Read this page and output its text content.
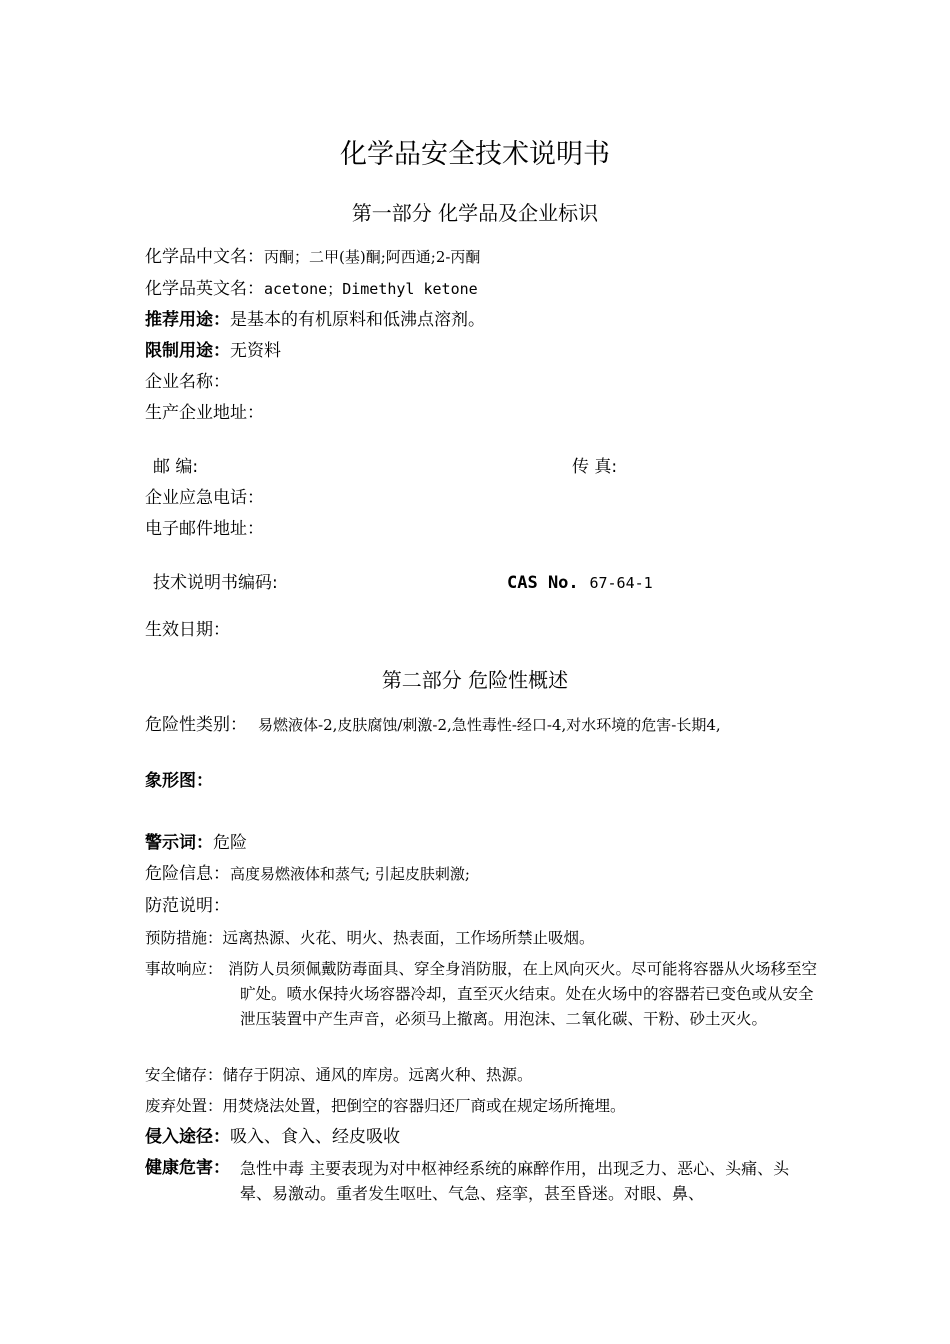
化学品安全技术说明书
第一部分 化学品及企业标识
化学品中文名：丙酮；二甲(基)酮;阿西通;2-丙酮
化学品英文名：acetone；Dimethyl ketone
推荐用途：是基本的有机原料和低沸点溶剂。
限制用途：无资料
企业名称：
生产企业地址：
邮 编:	传 真:
企业应急电话：
电子邮件地址：
技术说明书编码:	CAS No. 67-64-1
生效日期：
第二部分 危险性概述
危险性类别： 易燃液体-2,皮肤腐蚀/刺激-2,急性毒性-经口-4,对水环境的危害-长期4,
象形图：
警示词：危险
危险信息：高度易燃液体和蒸气; 引起皮肤刺激;
防范说明：
预防措施：远离热源、火花、明火、热表面，工作场所禁止吸烟。
事故响应： 消防人员须佩戴防毒面具、穿全身消防服，在上风向灭火。尽可能将容器从火场移至空旷处。喷水保持火场容器冷却，直至灭火结束。处在火场中的容器若已变色或从安全泄压装置中产生声音，必须马上撤离。用泡沫、二氧化碳、干粉、砂土灭火。
安全储存：储存于阴凉、通风的库房。远离火种、热源。
废弃处置：用焚烧法处置，把倒空的容器归还厂商或在规定场所掩埋。
侵入途径：吸入、食入、经皮吸收
健康危害： 急性中毒 主要表现为对中枢神经系统的麻醉作用，出现乏力、恶心、头痛、头晕、易激动。重者发生呕吐、气急、痉挛，甚至昏迷。对眼、鼻、
